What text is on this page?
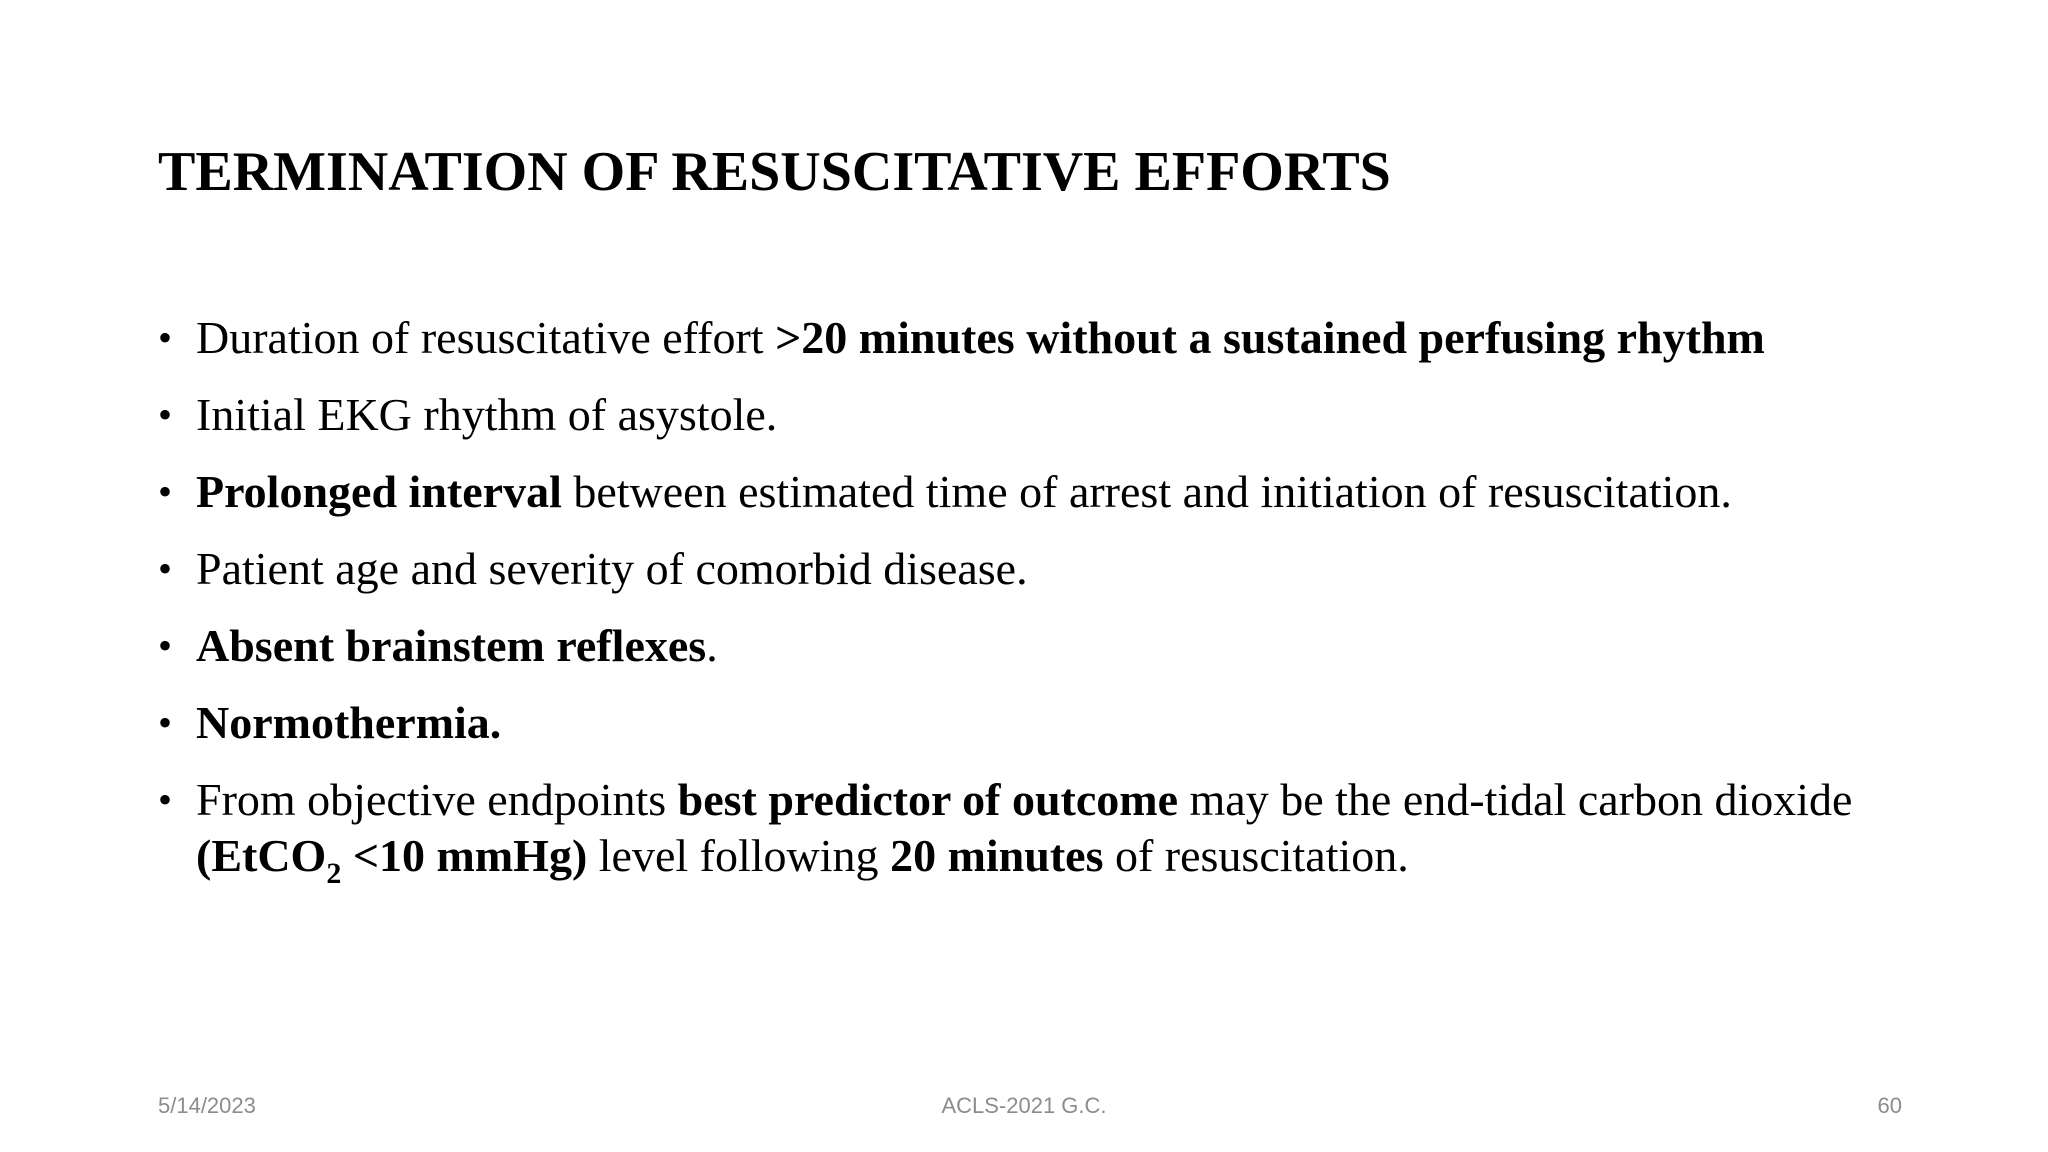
TERMINATION OF RESUSCITATIVE EFFORTS
• Duration of resuscitative effort >20 minutes without a sustained perfusing rhythm
• Initial EKG rhythm of asystole.
• Prolonged interval between estimated time of arrest and initiation of resuscitation.
• Patient age and severity of comorbid disease.
• Absent brainstem reflexes.
• Normothermia.
• From objective endpoints best predictor of outcome may be the end-tidal carbon dioxide (EtCO$_2$ <10 mmHg) level following 20 minutes of resuscitation.
5/14/2023	ACLS-2021 G.C.	60
